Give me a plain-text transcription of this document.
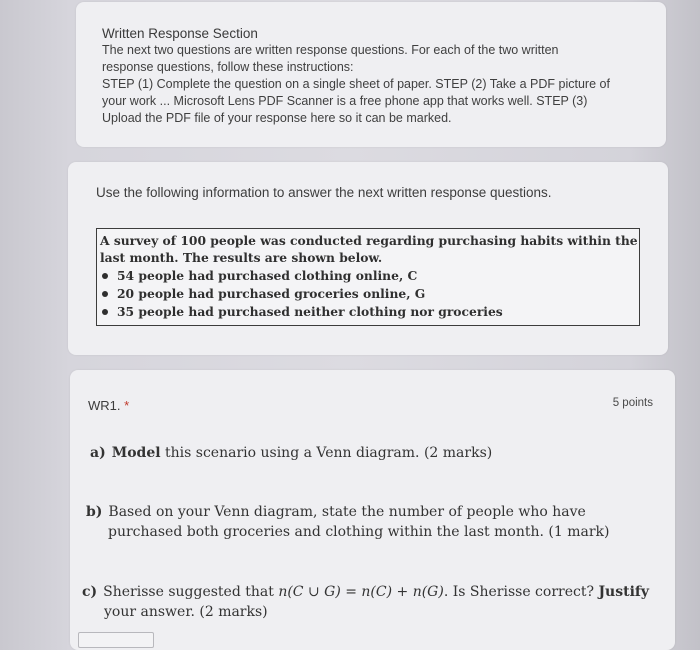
Written Response Section
The next two questions are written response questions. For each of the two written
response questions, follow these instructions:
STEP (1) Complete the question on a single sheet of paper. STEP (2) Take a PDF picture of
your work ... Microsoft Lens PDF Scanner is a free phone app that works well. STEP (3)
Upload the PDF file of your response here so it can be marked.
Use the following information to answer the next written response questions.
A survey of 100 people was conducted regarding purchasing habits within the
last month. The results are shown below.
54 people had purchased clothing online, C
20 people had purchased groceries online, G
35 people had purchased neither clothing nor groceries
WR1. *	5 points
a) Model this scenario using a Venn diagram. (2 marks)
b) Based on your Venn diagram, state the number of people who have
purchased both groceries and clothing within the last month. (1 mark)
c) Sherisse suggested that n(C ∪ G) = n(C) + n(G). Is Sherisse correct? Justify
your answer. (2 marks)
